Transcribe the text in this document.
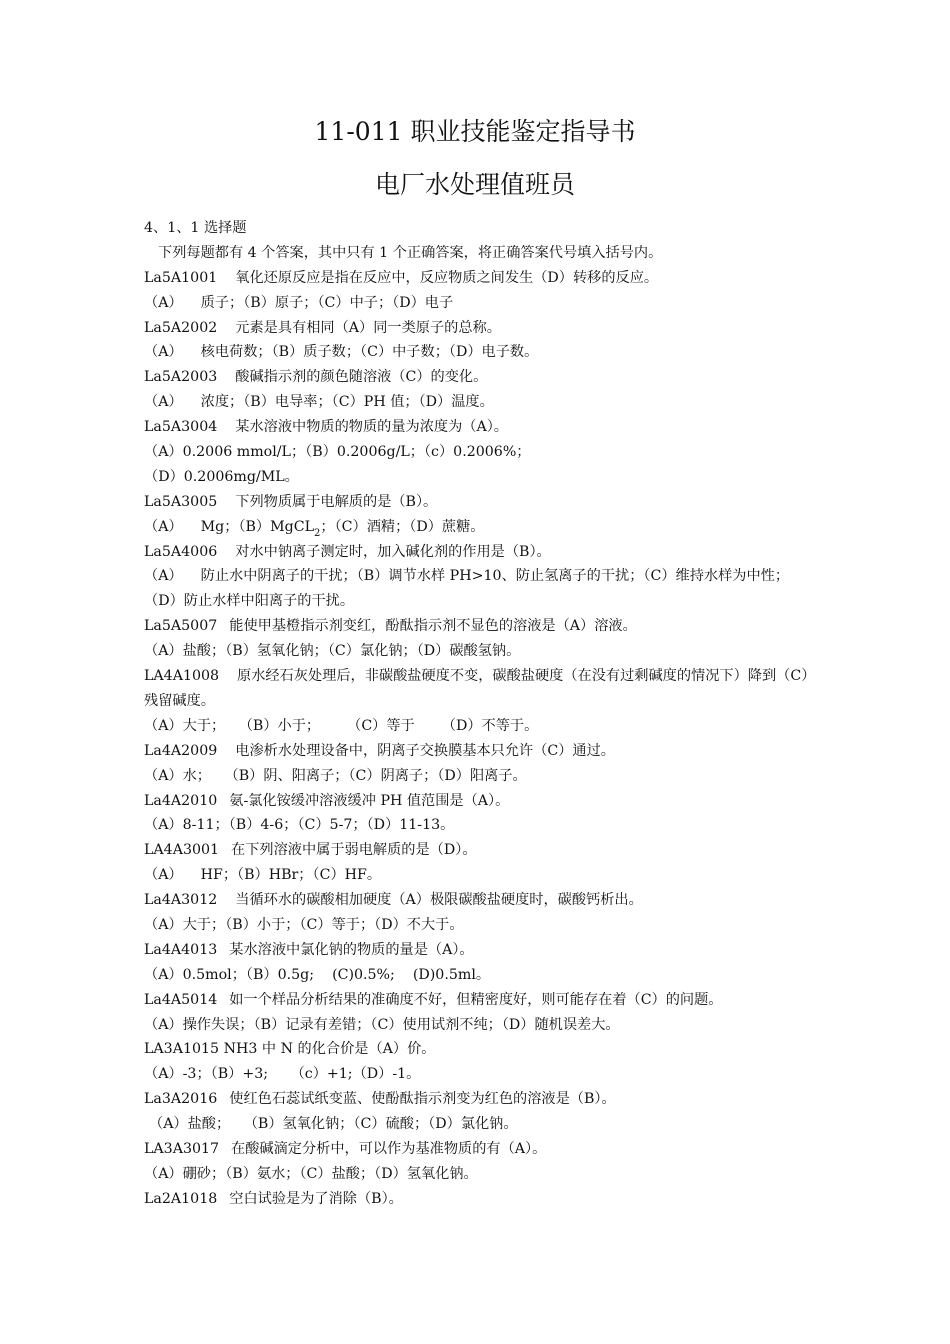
11-011 职业技能鉴定指导书
电厂水处理值班员
4、1、1 选择题
下列每题都有 4 个答案，其中只有 1 个正确答案，将正确答案代号填入括号内。
La5A1001 氧化还原反应是指在反应中，反应物质之间发生（D）转移的反应。
（A） 质子；（B）原子；（C）中子；（D）电子
La5A2002 元素是具有相同（A）同一类原子的总称。
（A） 核电荷数；（B）质子数；（C）中子数；（D）电子数。
La5A2003 酸碱指示剂的颜色随溶液（C）的变化。
（A） 浓度；（B）电导率；（C）PH 值；（D）温度。
La5A3004 某水溶液中物质的物质的量为浓度为（A）。
（A）0.2006 mmol/L；（B）0.2006g/L；（c）0.2006%；
（D）0.2006mg/ML。
La5A3005 下列物质属于电解质的是（B）。
（A） Mg；（B）MgCL$_2$；（C）酒精；（D）蔗糖。
La5A4006 对水中钠离子测定时，加入碱化剂的作用是（B）。
（A） 防止水中阴离子的干扰；（B）调节水样 PH>10、防止氢离子的干扰；（C）维持水样为中性；（D）防止水样中阳离子的干扰。
La5A5007 能使甲基橙指示剂变红，酚酞指示剂不显色的溶液是（A）溶液。
（A）盐酸；（B）氢氧化钠；（C）氯化钠；（D）碳酸氢钠。
LA4A1008 原水经石灰处理后，非碳酸盐硬度不变，碳酸盐硬度（在没有过剩碱度的情况下）降到（C）残留碱度。
（A）大于；   （B）小于；      （C）等于      （D）不等于。
La4A2009 电渗析水处理设备中，阴离子交换膜基本只允许（C）通过。
（A）水；   （B）阴、阳离子；（C）阴离子；（D）阳离子。
La4A2010 氨-氯化铵缓冲溶液缓冲 PH 值范围是（A）。
（A）8-11；（B）4-6；（C）5-7；（D）11-13。
LA4A3001 在下列溶液中属于弱电解质的是（D）。
（A） HF；（B）HBr；（C）HF。
La4A3012 当循环水的碳酸相加硬度（A）极限碳酸盐硬度时，碳酸钙析出。
（A）大于；（B）小于；（C）等于；（D）不大于。
La4A4013 某水溶液中氯化钠的物质的量是（A）。
（A）0.5mol；（B）0.5g;    (C)0.5%;    (D)0.5ml。
La4A5014 如一个样品分析结果的准确度不好，但精密度好，则可能存在着（C）的问题。
（A）操作失误；（B）记录有差错；（C）使用试剂不纯；（D）随机误差大。
LA3A1015 NH3 中 N 的化合价是（A）价。
（A）-3；（B）+3;     （c）+1;（D）-1。
La3A2016 使红色石蕊试纸变蓝、使酚酞指示剂变为红色的溶液是（B）。
（A）盐酸；   （B）氢氧化钠；（C）硫酸；（D）氯化钠。
LA3A3017 在酸碱滴定分析中，可以作为基准物质的有（A）。
（A）硼砂；（B）氨水；（C）盐酸；（D）氢氧化钠。
La2A1018 空白试验是为了消除（B）。
